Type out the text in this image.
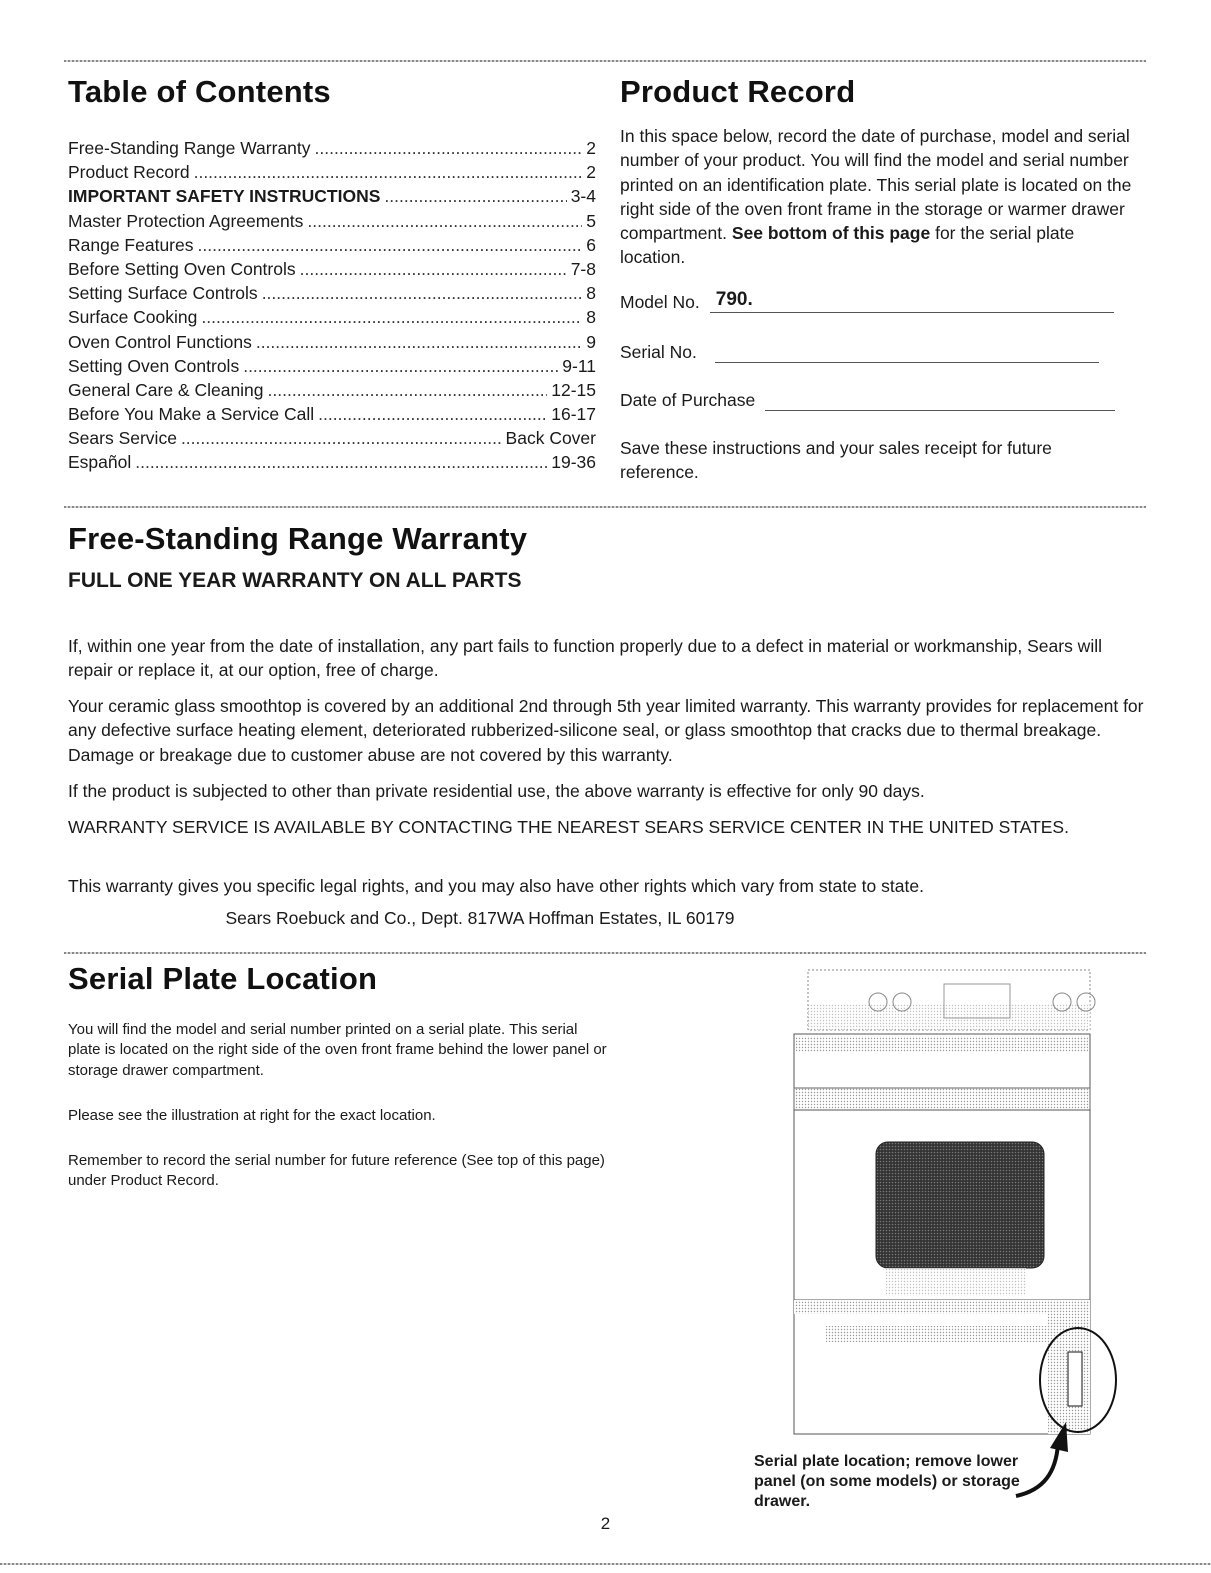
Table of Contents
Free-Standing Range Warranty .....	2
Product Record .....	2
IMPORTANT SAFETY INSTRUCTIONS .....	3-4
Master Protection Agreements .....	5
Range Features .....	6
Before Setting Oven Controls .....	7-8
Setting Surface Controls .....	8
Surface Cooking .....	8
Oven Control Functions .....	9
Setting Oven Controls .....	9-11
General Care & Cleaning .....	12-15
Before You Make a Service Call .....	16-17
Sears Service .....	Back Cover
Español .....	19-36
Product Record

In this space below, record the date of purchase, model and serial number of your product. You will find the model and serial number printed on an identification plate. This serial plate is located on the right side of the oven front frame in the storage or warmer drawer compartment. See bottom of this page for the serial plate location.

Model No. 790.
Serial No.
Date of Purchase

Save these instructions and your sales receipt for future reference.

Free-Standing Range Warranty
FULL ONE YEAR WARRANTY ON ALL PARTS

If, within one year from the date of installation, any part fails to function properly due to a defect in material or workmanship, Sears will repair or replace it, at our option, free of charge.

Your ceramic glass smoothtop is covered by an additional 2nd through 5th year limited warranty. This warranty provides for replacement for any defective surface heating element, deteriorated rubberized-silicone seal, or glass smoothtop that cracks due to thermal breakage. Damage or breakage due to customer abuse are not covered by this warranty.

If the product is subjected to other than private residential use, the above warranty is effective for only 90 days.

WARRANTY SERVICE IS AVAILABLE BY CONTACTING THE NEAREST SEARS SERVICE CENTER IN THE UNITED STATES.

This warranty gives you specific legal rights, and you may also have other rights which vary from state to state.

Sears Roebuck and Co., Dept. 817WA Hoffman Estates, IL 60179

Serial Plate Location

You will find the model and serial number printed on a serial plate. This serial plate is located on the right side of the oven front frame behind the lower panel or storage drawer compartment.

Please see the illustration at right for the exact location.

Remember to record the serial number for future reference (See top of this page) under Product Record.

Serial plate location; remove lower panel (on some models) or storage drawer.

2
